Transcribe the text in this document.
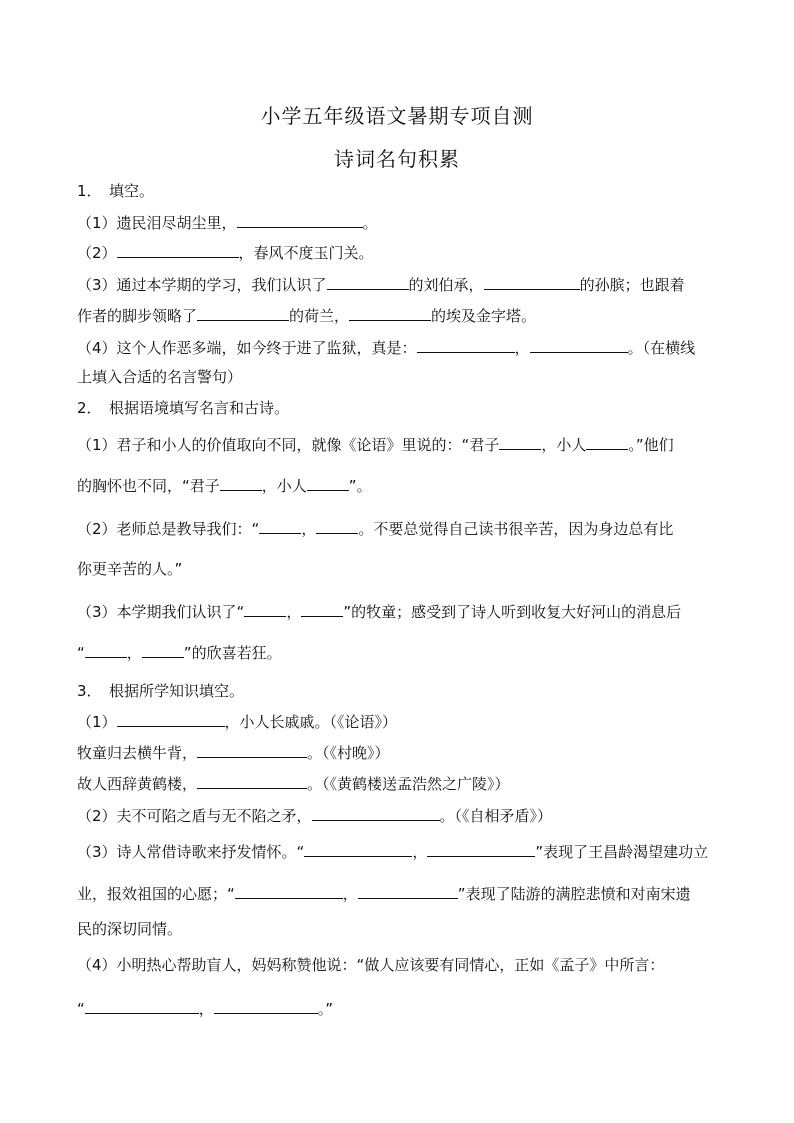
小学五年级语文暑期专项自测
诗词名句积累
1．　填空。
（1）遗民泪尽胡尘里，	。
（2）	，春风不度玉门关。
（3）通过本学期的学习，我们认识了	的刘伯承，	的孙膑；也跟着
作者的脚步领略了	的荷兰，	的埃及金字塔。
（4）这个人作恶多端，如今终于进了监狱，真是：	，	。（在横线
上填入合适的名言警句）
2．　根据语境填写名言和古诗。
（1）君子和小人的价值取向不同，就像《论语》里说的：“君子	，小人	。”他们
的胸怀也不同，“君子	，小人	”。
（2）老师总是教导我们：“	，	。不要总觉得自己读书很辛苦，因为身边总有比
你更辛苦的人。”
（3）本学期我们认识了“	，	”的牧童；感受到了诗人听到收复大好河山的消息后
“	，	”的欣喜若狂。
3．　根据所学知识填空。
（1）	，小人长戚戚。（《论语》）
牧童归去横牛背，	。（《村晚》）
故人西辞黄鹤楼，	。（《黄鹤楼送孟浩然之广陵》）
（2）夫不可陷之盾与无不陷之矛，	。（《自相矛盾》）
（3）诗人常借诗歌来抒发情怀。“	，	”表现了王昌龄渴望建功立
业，报效祖国的心愿；“	，	”表现了陆游的满腔悲愤和对南宋遗
民的深切同情。
（4）小明热心帮助盲人，妈妈称赞他说：“做人应该要有同情心，正如《孟子》中所言：
“	，	。”
